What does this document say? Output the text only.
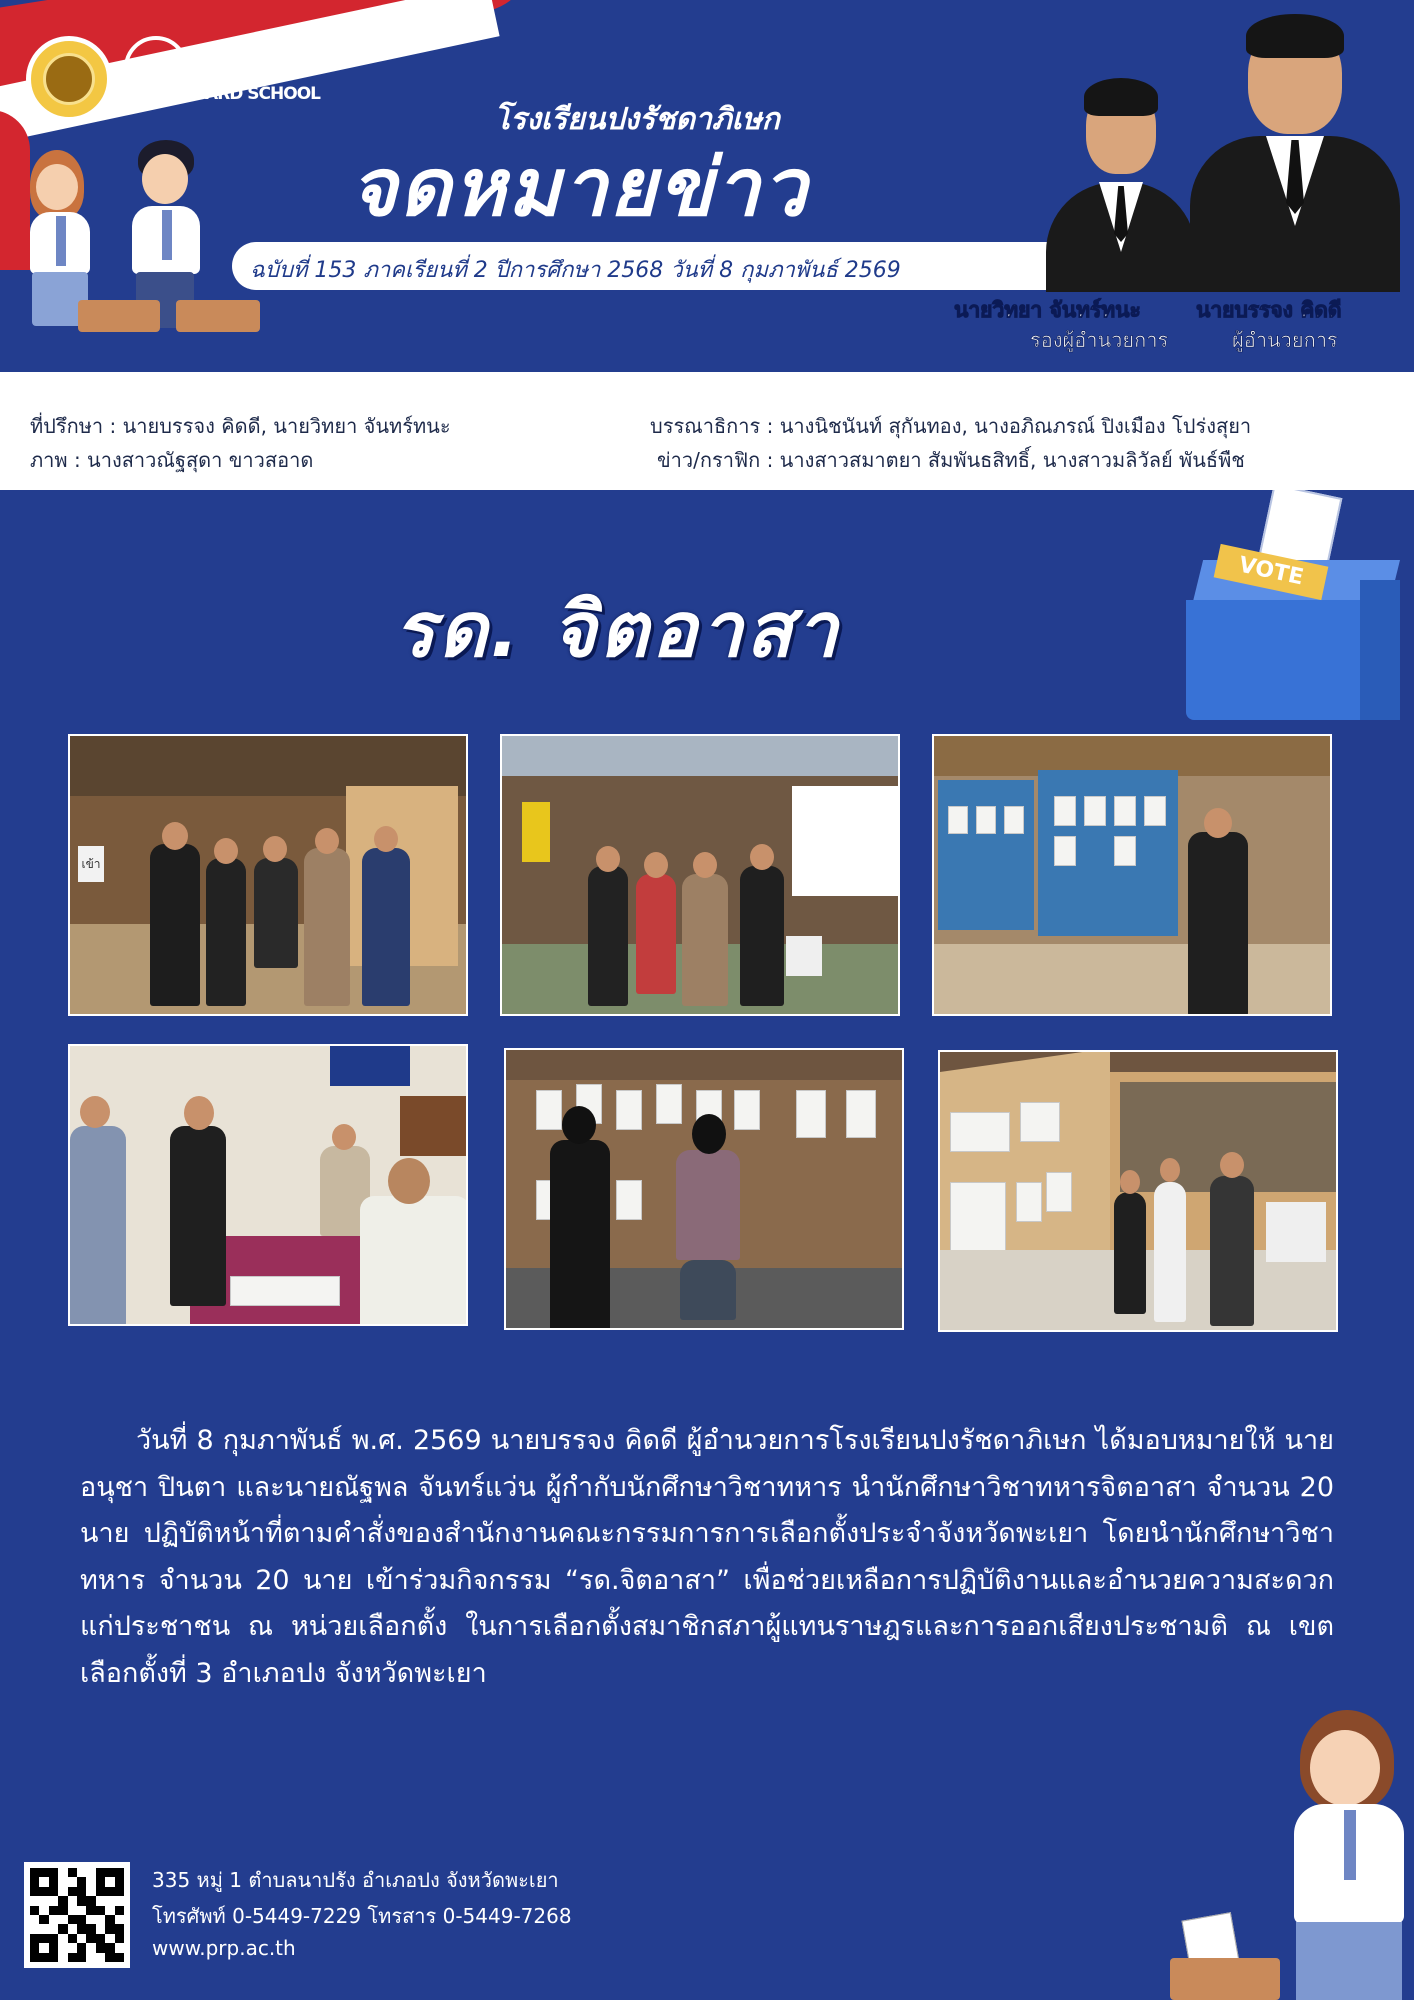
WORLD CLASS
STANDARD SCHOOL
โรงเรียนปงรัชดาภิเษก
จดหมายข่าว
ฉบับที่ 153 ภาคเรียนที่ 2 ปีการศึกษา 2568 วันที่ 8 กุมภาพันธ์ 2569
นายวิทยา จันทร์ทนะ	นายบรรจง คิดดี
รองผู้อำนวยการ	ผู้อำนวยการ
ที่ปรึกษา : นายบรรจง คิดดี, นายวิทยา จันทร์ทนะ
ภาพ : นางสาวณัฐสุดา ขาวสอาด
บรรณาธิการ : นางนิชนันท์ สุกันทอง, นางอภิณภรณ์ ปิงเมือง โปร่งสุยา
ข่าว/กราฟิก : นางสาวสมาตยา สัมพันธสิทธิ์, นางสาวมลิวัลย์ พันธ์พืช
VOTE
รด. จิตอาสา
เข้า

วันที่ 8 กุมภาพันธ์ พ.ศ. 2569 นายบรรจง คิดดี ผู้อำนวยการโรงเรียนปงรัชดาภิเษก ได้มอบหมายให้ นายอนุชา ปินตา และนายณัฐพล จันทร์แว่น ผู้กำกับนักศึกษาวิชาทหาร นำนักศึกษาวิชาทหารจิตอาสา จำนวน 20 นาย ปฏิบัติหน้าที่ตามคำสั่งของสำนักงานคณะกรรมการการเลือกตั้งประจำจังหวัดพะเยา โดยนำนักศึกษาวิชาทหาร จำนวน 20 นาย เข้าร่วมกิจกรรม “รด.จิตอาสา” เพื่อช่วยเหลือการปฏิบัติงานและอำนวยความสะดวกแก่ประชาชน ณ หน่วยเลือกตั้ง ในการเลือกตั้งสมาชิกสภาผู้แทนราษฎรและการออกเสียงประชามติ ณ เขตเลือกตั้งที่ 3 อำเภอปง จังหวัดพะเยา

335 หมู่ 1 ตำบลนาปรัง อำเภอปง จังหวัดพะเยา
โทรศัพท์ 0-5449-7229 โทรสาร 0-5449-7268
www.prp.ac.th
